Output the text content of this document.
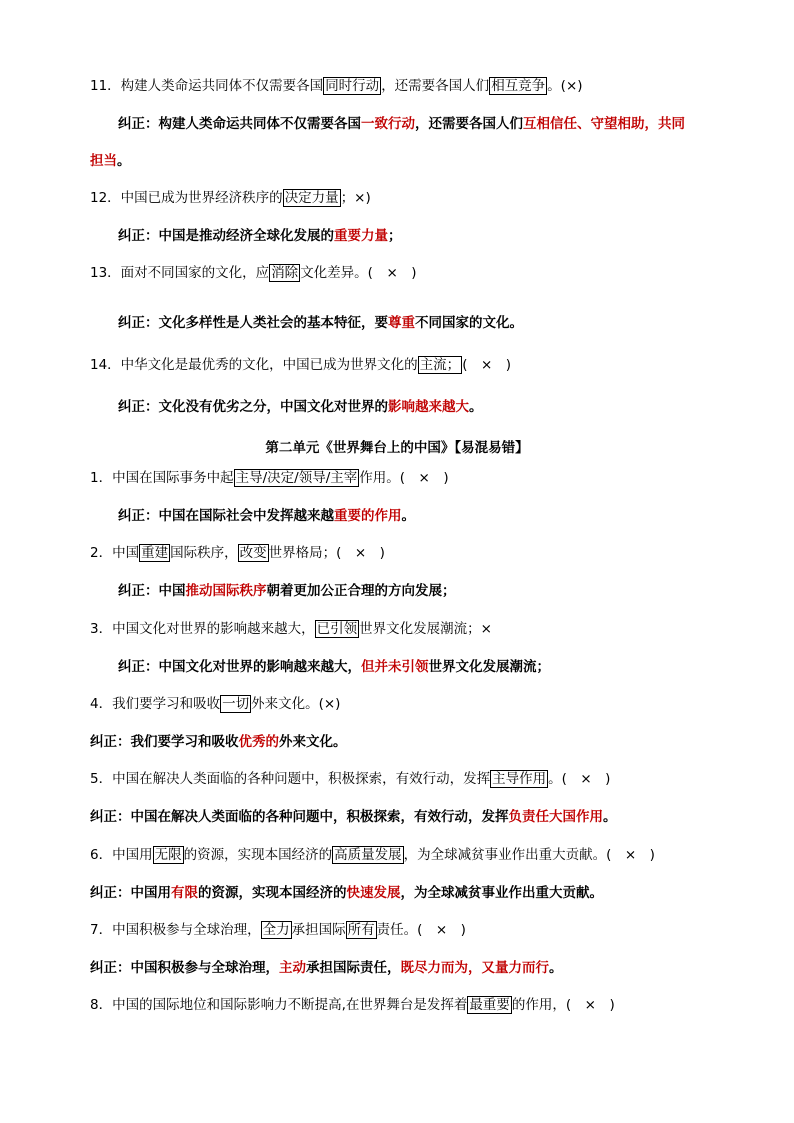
11．构建人类命运共同体不仅需要各国 同时行动 ，还需要各国人们 相互竞争 。(×)
纠正：构建人类命运共同体不仅需要各国一致行动，还需要各国人们互相信任、守望相助，共同
担当。
12．中国已成为世界经济秩序的 决定力量 ；×)
纠正：中国是推动经济全球化发展的重要力量；
13．面对不同国家的文化，应 消除 文化差异。(　×　)
纠正：文化多样性是人类社会的基本特征，要尊重不同国家的文化。
14．中华文化是最优秀的文化，中国已成为世界文化的 主流； (　×　)
纠正：文化没有优劣之分，中国文化对世界的影响越来越大。
第二单元《世界舞台上的中国》【易混易错】
1．中国在国际事务中起 主导/决定/领导/主宰 作用。(　×　)
纠正：中国在国际社会中发挥越来越重要的作用。
2．中国 重建 国际秩序， 改变 世界格局；(　×　)
纠正：中国推动国际秩序朝着更加公正合理的方向发展；
3．中国文化对世界的影响越来越大， 已引领 世界文化发展潮流；×
纠正：中国文化对世界的影响越来越大，但并未引领世界文化发展潮流；
4．我们要学习和吸收 一切 外来文化。(×)
纠正：我们要学习和吸收优秀的外来文化。
5．中国在解决人类面临的各种问题中，积极探索，有效行动，发挥 主导作用 。(　×　)
纠正：中国在解决人类面临的各种问题中，积极探索，有效行动，发挥负责任大国作用。
6．中国用 无限 的资源，实现本国经济的 高质量发展 ，为全球减贫事业作出重大贡献。(　×　)
纠正：中国用有限的资源，实现本国经济的快速发展，为全球减贫事业作出重大贡献。
7．中国积极参与全球治理， 全力 承担国际 所有 责任。(　×　)
纠正：中国积极参与全球治理，主动承担国际责任，既尽力而为，又量力而行。
8．中国的国际地位和国际影响力不断提高,在世界舞台是发挥着 最重要 的作用，(　×　)
